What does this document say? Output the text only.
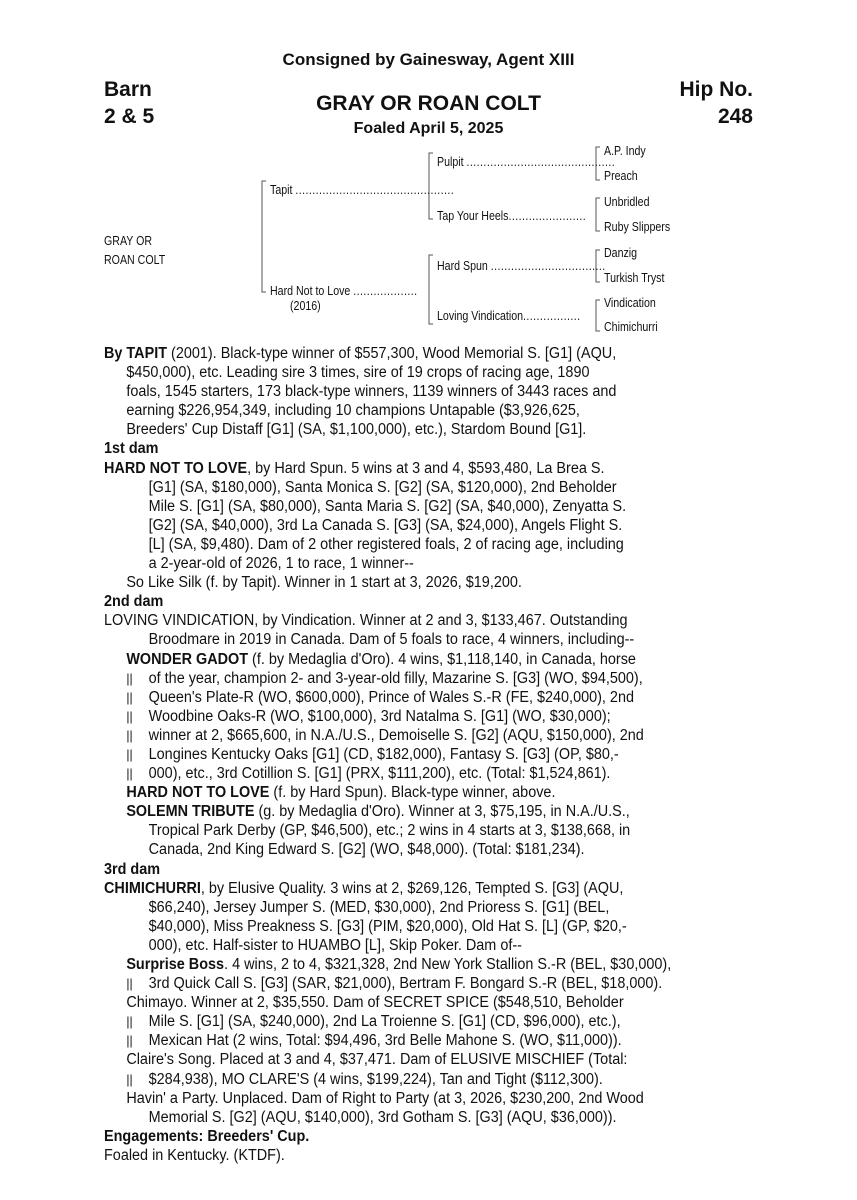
Consigned by Gainesway, Agent XIII
Barn
2 & 5
Hip No.
248
GRAY OR ROAN COLT
Foaled April 5, 2025
GRAY OR
ROAN COLT
Tapit ...............................................
Hard Not to Love ...................
(2016)
Pulpit ............................................
Tap Your Heels.......................
Hard Spun ..................................
Loving Vindication.................
A.P. Indy
Preach
Unbridled
Ruby Slippers
Danzig
Turkish Tryst
Vindication
Chimichurri
By TAPIT (2001). Black-type winner of $557,300, Wood Memorial S. [G1] (AQU,
$450,000), etc. Leading sire 3 times, sire of 19 crops of racing age, 1890
foals, 1545 starters, 173 black-type winners, 1139 winners of 3443 races and
earning $226,954,349, including 10 champions Untapable ($3,926,625,
Breeders' Cup Distaff [G1] (SA, $1,100,000), etc.), Stardom Bound [G1].
1st dam
HARD NOT TO LOVE, by Hard Spun. 5 wins at 3 and 4, $593,480, La Brea S.
[G1] (SA, $180,000), Santa Monica S. [G2] (SA, $120,000), 2nd Beholder
Mile S. [G1] (SA, $80,000), Santa Maria S. [G2] (SA, $40,000), Zenyatta S.
[G2] (SA, $40,000), 3rd La Canada S. [G3] (SA, $24,000), Angels Flight S.
[L] (SA, $9,480). Dam of 2 other registered foals, 2 of racing age, including
a 2-year-old of 2026, 1 to race, 1 winner--
So Like Silk (f. by Tapit). Winner in 1 start at 3, 2026, $19,200.
2nd dam
LOVING VINDICATION, by Vindication. Winner at 2 and 3, $133,467. Outstanding
Broodmare in 2019 in Canada. Dam of 5 foals to race, 4 winners, including--
WONDER GADOT (f. by Medaglia d'Oro). 4 wins, $1,118,140, in Canada, horse
|| of the year, champion 2- and 3-year-old filly, Mazarine S. [G3] (WO, $94,500),
|| Queen's Plate-R (WO, $600,000), Prince of Wales S.-R (FE, $240,000), 2nd
|| Woodbine Oaks-R (WO, $100,000), 3rd Natalma S. [G1] (WO, $30,000);
|| winner at 2, $665,600, in N.A./U.S., Demoiselle S. [G2] (AQU, $150,000), 2nd
|| Longines Kentucky Oaks [G1] (CD, $182,000), Fantasy S. [G3] (OP, $80,-
|| 000), etc., 3rd Cotillion S. [G1] (PRX, $111,200), etc. (Total: $1,524,861).
HARD NOT TO LOVE (f. by Hard Spun). Black-type winner, above.
SOLEMN TRIBUTE (g. by Medaglia d'Oro). Winner at 3, $75,195, in N.A./U.S.,
Tropical Park Derby (GP, $46,500), etc.; 2 wins in 4 starts at 3, $138,668, in
Canada, 2nd King Edward S. [G2] (WO, $48,000). (Total: $181,234).
3rd dam
CHIMICHURRI, by Elusive Quality. 3 wins at 2, $269,126, Tempted S. [G3] (AQU,
$66,240), Jersey Jumper S. (MED, $30,000), 2nd Prioress S. [G1] (BEL,
$40,000), Miss Preakness S. [G3] (PIM, $20,000), Old Hat S. [L] (GP, $20,-
000), etc. Half-sister to HUAMBO [L], Skip Poker. Dam of--
Surprise Boss. 4 wins, 2 to 4, $321,328, 2nd New York Stallion S.-R (BEL, $30,000),
|| 3rd Quick Call S. [G3] (SAR, $21,000), Bertram F. Bongard S.-R (BEL, $18,000).
Chimayo. Winner at 2, $35,550. Dam of SECRET SPICE ($548,510, Beholder
|| Mile S. [G1] (SA, $240,000), 2nd La Troienne S. [G1] (CD, $96,000), etc.),
|| Mexican Hat (2 wins, Total: $94,496, 3rd Belle Mahone S. (WO, $11,000)).
Claire's Song. Placed at 3 and 4, $37,471. Dam of ELUSIVE MISCHIEF (Total:
|| $284,938), MO CLARE'S (4 wins, $199,224), Tan and Tight ($112,300).
Havin' a Party. Unplaced. Dam of Right to Party (at 3, 2026, $230,200, 2nd Wood
Memorial S. [G2] (AQU, $140,000), 3rd Gotham S. [G3] (AQU, $36,000)).
Engagements: Breeders' Cup.
Foaled in Kentucky. (KTDF).
